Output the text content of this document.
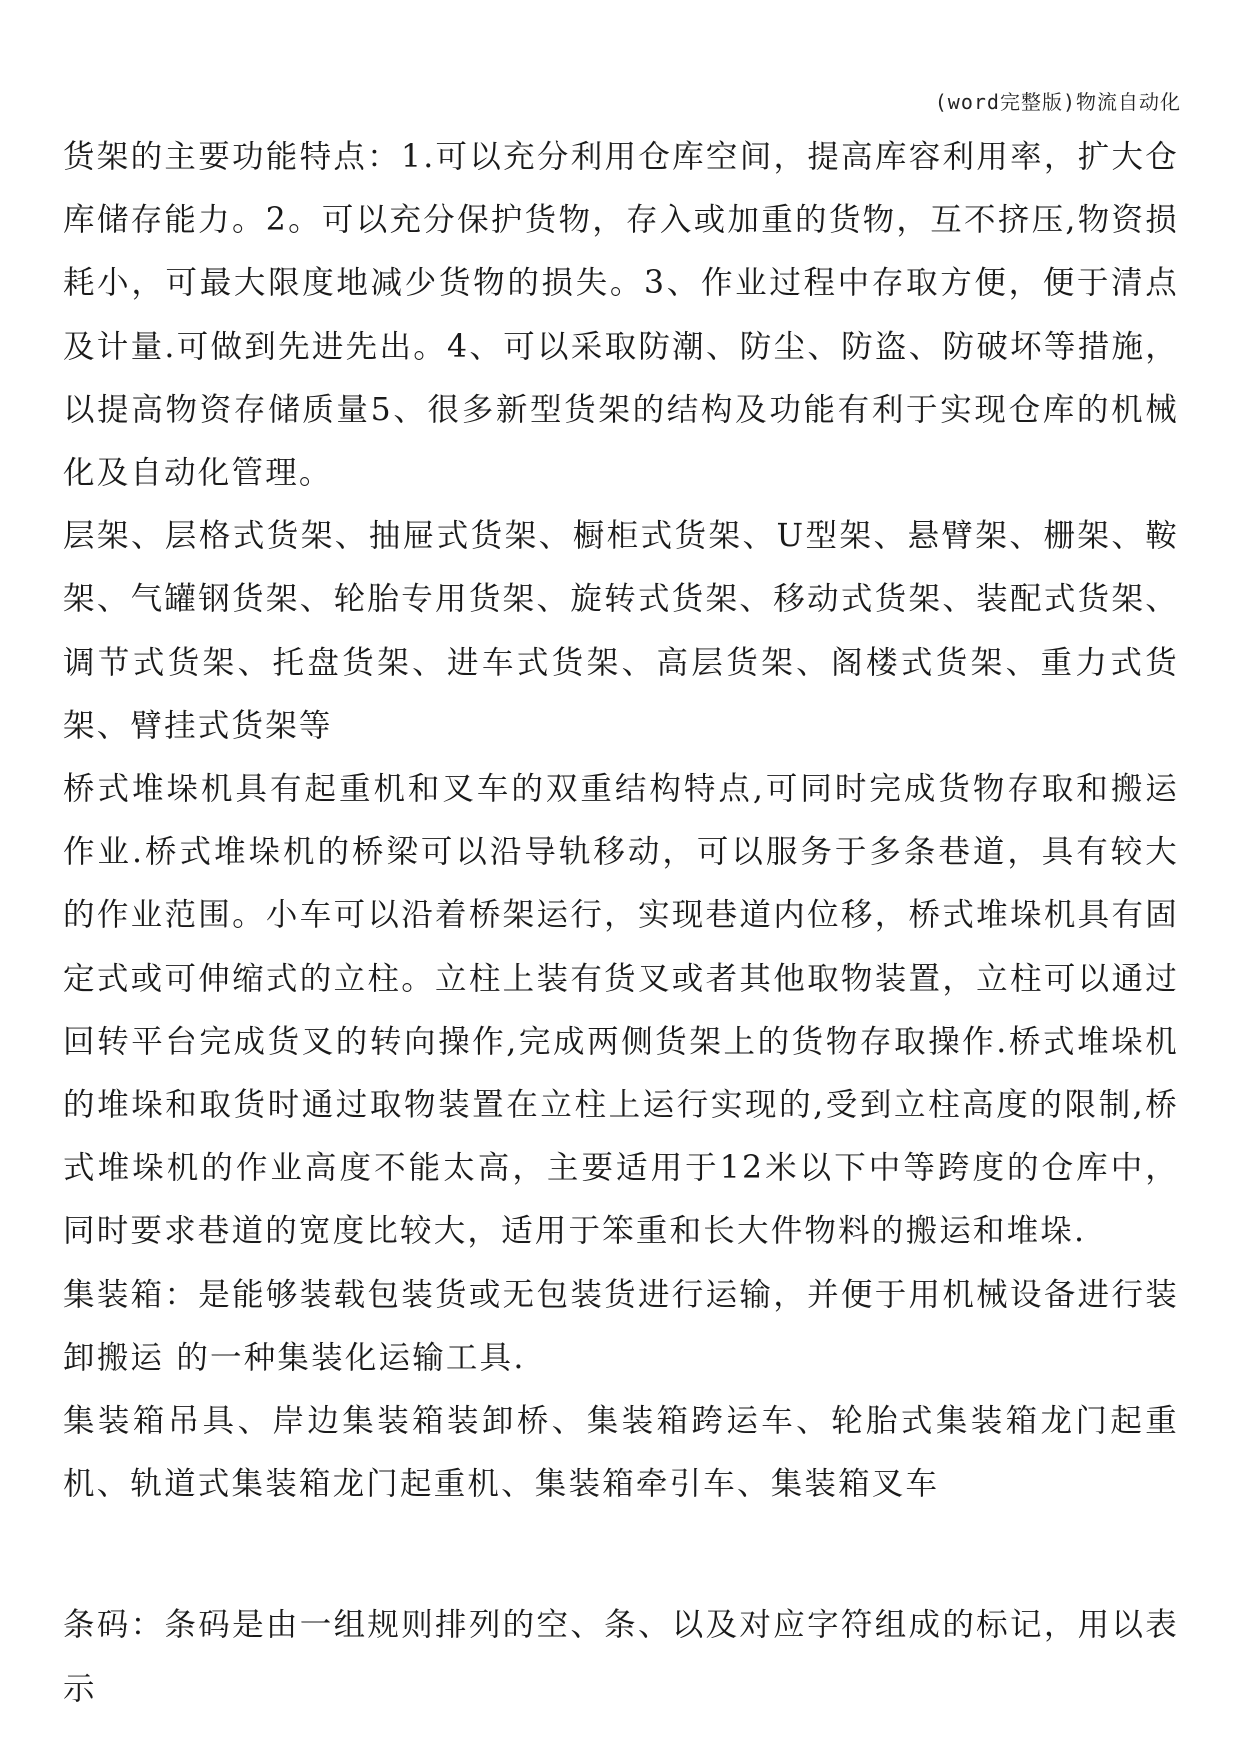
(word完整版)物流自动化

货架的主要功能特点：1.可以充分利用仓库空间，提高库容利用率，扩大仓库储存能力。2。可以充分保护货物，存入或加重的货物，互不挤压,物资损耗小，可最大限度地减少货物的损失。3、作业过程中存取方便，便于清点及计量.可做到先进先出。4、可以采取防潮、防尘、防盗、防破坏等措施，以提高物资存储质量5、很多新型货架的结构及功能有利于实现仓库的机械化及自动化管理。

层架、层格式货架、抽屉式货架、橱柜式货架、U型架、悬臂架、栅架、鞍架、气罐钢货架、轮胎专用货架、旋转式货架、移动式货架、装配式货架、调节式货架、托盘货架、进车式货架、高层货架、阁楼式货架、重力式货架、臂挂式货架等

桥式堆垛机具有起重机和叉车的双重结构特点,可同时完成货物存取和搬运作业.桥式堆垛机的桥梁可以沿导轨移动，可以服务于多条巷道，具有较大的作业范围。小车可以沿着桥架运行，实现巷道内位移，桥式堆垛机具有固定式或可伸缩式的立柱。立柱上装有货叉或者其他取物装置，立柱可以通过回转平台完成货叉的转向操作,完成两侧货架上的货物存取操作.桥式堆垛机的堆垛和取货时通过取物装置在立柱上运行实现的,受到立柱高度的限制,桥式堆垛机的作业高度不能太高，主要适用于12米以下中等跨度的仓库中，同时要求巷道的宽度比较大，适用于笨重和长大件物料的搬运和堆垛.

集装箱：是能够装载包装货或无包装货进行运输，并便于用机械设备进行装卸搬运 的一种集装化运输工具.

集装箱吊具、岸边集装箱装卸桥、集装箱跨运车、轮胎式集装箱龙门起重机、轨道式集装箱龙门起重机、集装箱牵引车、集装箱叉车

条码：条码是由一组规则排列的空、条、以及对应字符组成的标记，用以表示
